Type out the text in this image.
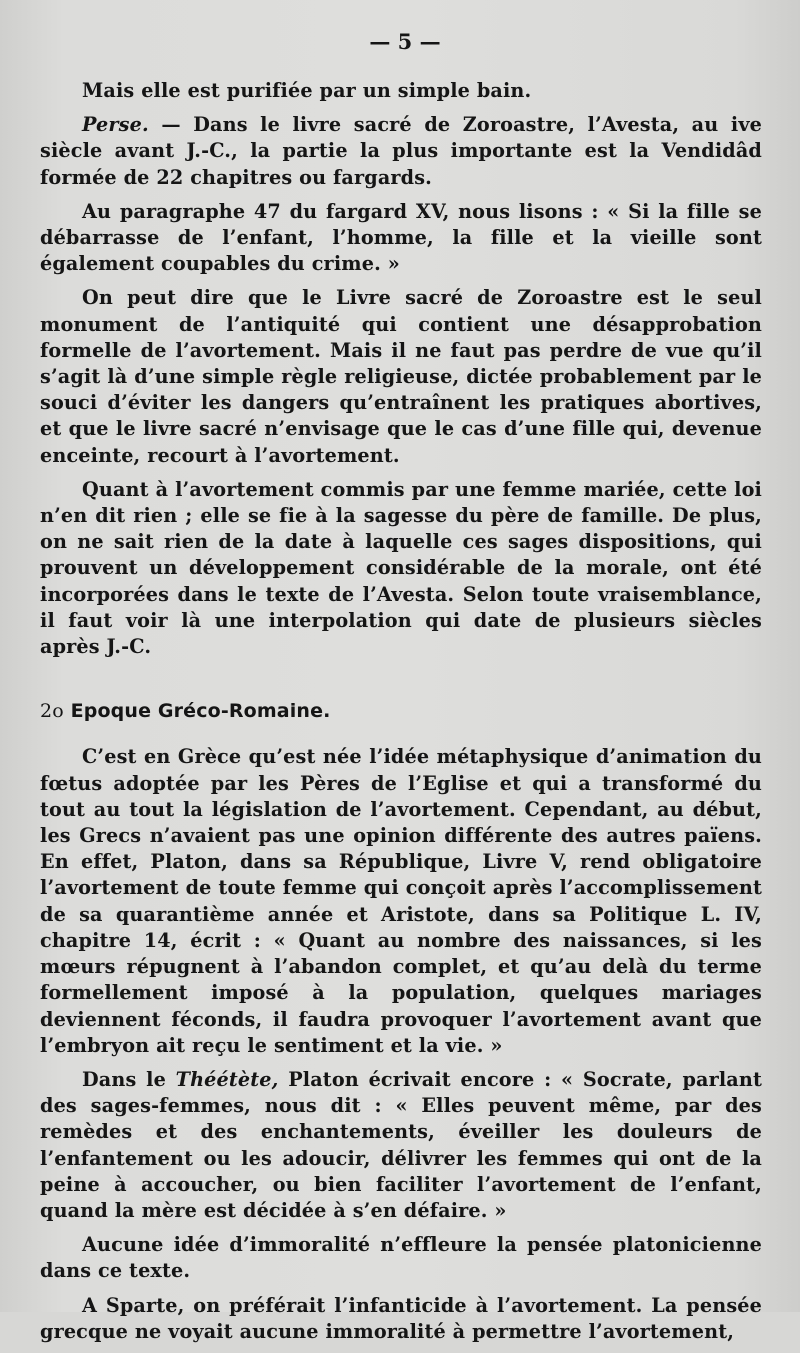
— 5 —

Mais elle est purifiée par un simple bain.

Perse. — Dans le livre sacré de Zoroastre, l’Avesta, au ive siècle avant J.-C., la partie la plus importante est la Vendidâd formée de 22 chapitres ou fargards.

Au paragraphe 47 du fargard XV, nous lisons : « Si la fille se débarrasse de l’enfant, l’homme, la fille et la vieille sont également coupables du crime. »

On peut dire que le Livre sacré de Zoroastre est le seul monument de l’antiquité qui contient une désapprobation formelle de l’avortement. Mais il ne faut pas perdre de vue qu’il s’agit là d’une simple règle religieuse, dictée probablement par le souci d’éviter les dangers qu’entraînent les pratiques abortives, et que le livre sacré n’envisage que le cas d’une fille qui, devenue enceinte, recourt à l’avortement.

Quant à l’avortement commis par une femme mariée, cette loi n’en dit rien ; elle se fie à la sagesse du père de famille. De plus, on ne sait rien de la date à laquelle ces sages dispositions, qui prouvent un développement considérable de la morale, ont été incorporées dans le texte de l’Avesta. Selon toute vraisemblance, il faut voir là une interpolation qui date de plusieurs siècles après J.-C.

2o Epoque Gréco-Romaine.

C’est en Grèce qu’est née l’idée métaphysique d’animation du fœtus adoptée par les Pères de l’Eglise et qui a transformé du tout au tout la législation de l’avortement. Cependant, au début, les Grecs n’avaient pas une opinion différente des autres païens. En effet, Platon, dans sa République, Livre V, rend obligatoire l’avortement de toute femme qui conçoit après l’accomplissement de sa quarantième année et Aristote, dans sa Politique L. IV, chapitre 14, écrit : « Quant au nombre des naissances, si les mœurs répugnent à l’abandon complet, et qu’au delà du terme formellement imposé à la population, quelques mariages deviennent féconds, il faudra provoquer l’avortement avant que l’embryon ait reçu le sentiment et la vie. »

Dans le Théétète, Platon écrivait encore : « Socrate, parlant des sages-femmes, nous dit : « Elles peuvent même, par des remèdes et des enchantements, éveiller les douleurs de l’enfantement ou les adoucir, délivrer les femmes qui ont de la peine à accoucher, ou bien faciliter l’avortement de l’enfant, quand la mère est décidée à s’en défaire. »

Aucune idée d’immoralité n’effleure la pensée platonicienne dans ce texte.

A Sparte, on préférait l’infanticide à l’avortement. La pensée grecque ne voyait aucune immoralité à permettre l’avortement,
